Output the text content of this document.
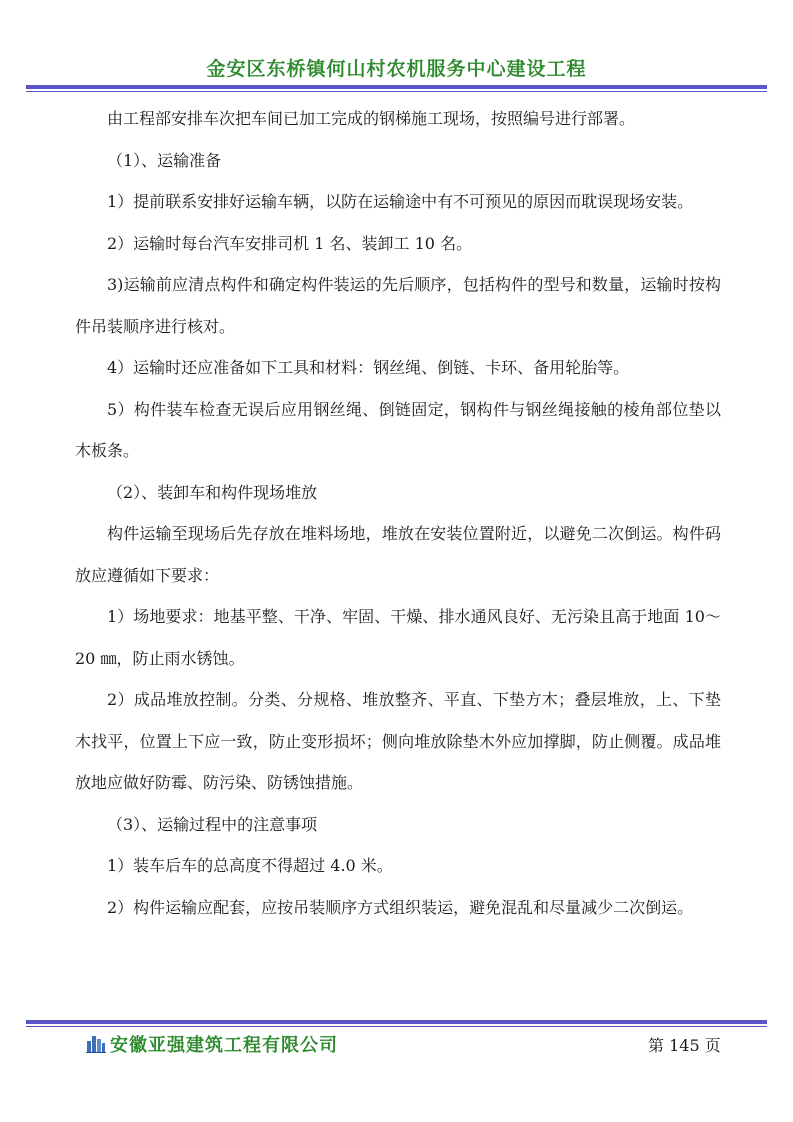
金安区东桥镇何山村农机服务中心建设工程

由工程部安排车次把车间已加工完成的钢梯施工现场，按照编号进行部署。

（1）、运输准备

1）提前联系安排好运输车辆，以防在运输途中有不可预见的原因而耽误现场安装。

2）运输时每台汽车安排司机 1 名、装卸工 10 名。

3)运输前应清点构件和确定构件装运的先后顺序，包括构件的型号和数量，运输时按构件吊装顺序进行核对。

4）运输时还应准备如下工具和材料：钢丝绳、倒链、卡环、备用轮胎等。

5）构件装车检查无误后应用钢丝绳、倒链固定，钢构件与钢丝绳接触的棱角部位垫以木板条。

（2）、装卸车和构件现场堆放

构件运输至现场后先存放在堆料场地，堆放在安装位置附近，以避免二次倒运。构件码放应遵循如下要求：

1）场地要求：地基平整、干净、牢固、干燥、排水通风良好、无污染且高于地面 10～20 ㎜，防止雨水锈蚀。

2）成品堆放控制。分类、分规格、堆放整齐、平直、下垫方木；叠层堆放，上、下垫木找平，位置上下应一致，防止变形损坏；侧向堆放除垫木外应加撑脚，防止侧覆。成品堆放地应做好防霉、防污染、防锈蚀措施。

（3）、运输过程中的注意事项

1）装车后车的总高度不得超过 4.0 米。

2）构件运输应配套，应按吊装顺序方式组织装运，避免混乱和尽量减少二次倒运。

安徽亚强建筑工程有限公司	第 145 页
